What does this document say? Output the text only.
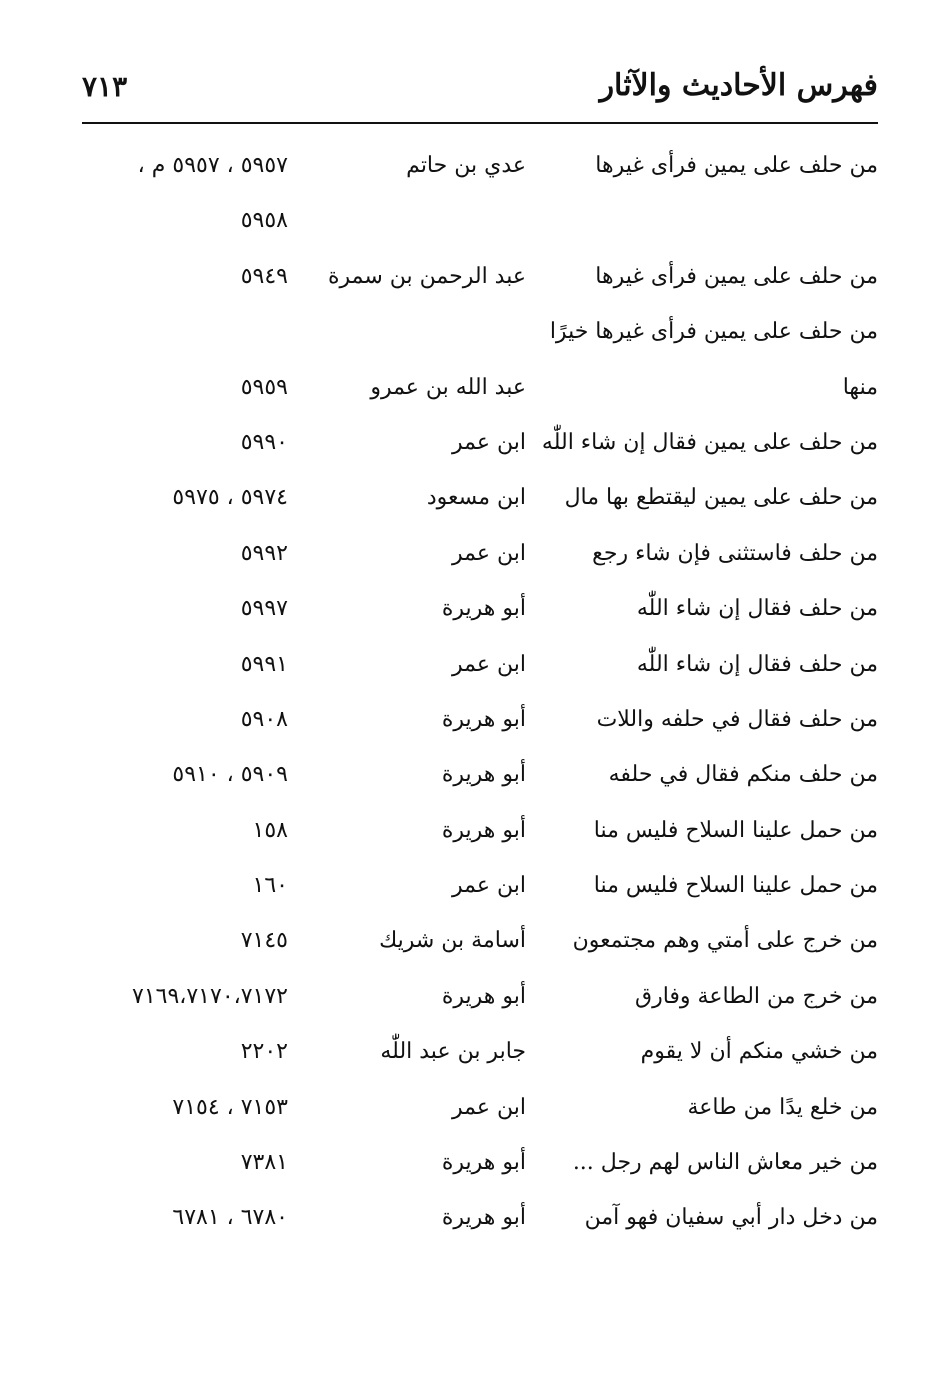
فهرس الأحاديث والآثار
٧١٣
من حلف على يمين فرأى غيرها
عدي بن حاتم
٥٩٥٧ ، ٥٩٥٧ م ،
٥٩٥٨
من حلف على يمين فرأى غيرها
عبد الرحمن بن سمرة
٥٩٤٩
من حلف على يمين فرأى غيرها خيرًا
منها
عبد الله بن عمرو
٥٩٥٩
من حلف على يمين فقال إن شاء اللّٰه
ابن عمر
٥٩٩٠
من حلف على يمين ليقتطع بها مال
ابن مسعود
٥٩٧٤ ، ٥٩٧٥
من حلف فاستثنى فإن شاء رجع
ابن عمر
٥٩٩٢
من حلف فقال إن شاء اللّٰه
أبو هريرة
٥٩٩٧
من حلف فقال إن شاء اللّٰه
ابن عمر
٥٩٩١
من حلف فقال في حلفه واللات
أبو هريرة
٥٩٠٨
من حلف منكم فقال في حلفه
أبو هريرة
٥٩٠٩ ، ٥٩١٠
من حمل علينا السلاح فليس منا
أبو هريرة
١٥٨
من حمل علينا السلاح فليس منا
ابن عمر
١٦٠
من خرج على أمتي وهم مجتمعون
أسامة بن شريك
٧١٤٥
من خرج من الطاعة وفارق
أبو هريرة
٧١٦٩،٧١٧٠،٧١٧٢
من خشي منكم أن لا يقوم
جابر بن عبد اللّٰه
٢٢٠٢
من خلع يدًا من طاعة
ابن عمر
٧١٥٣ ، ٧١٥٤
من خير معاش الناس لهم رجل ...
أبو هريرة
٧٣٨١
من دخل دار أبي سفيان فهو آمن
أبو هريرة
٦٧٨٠ ، ٦٧٨١
